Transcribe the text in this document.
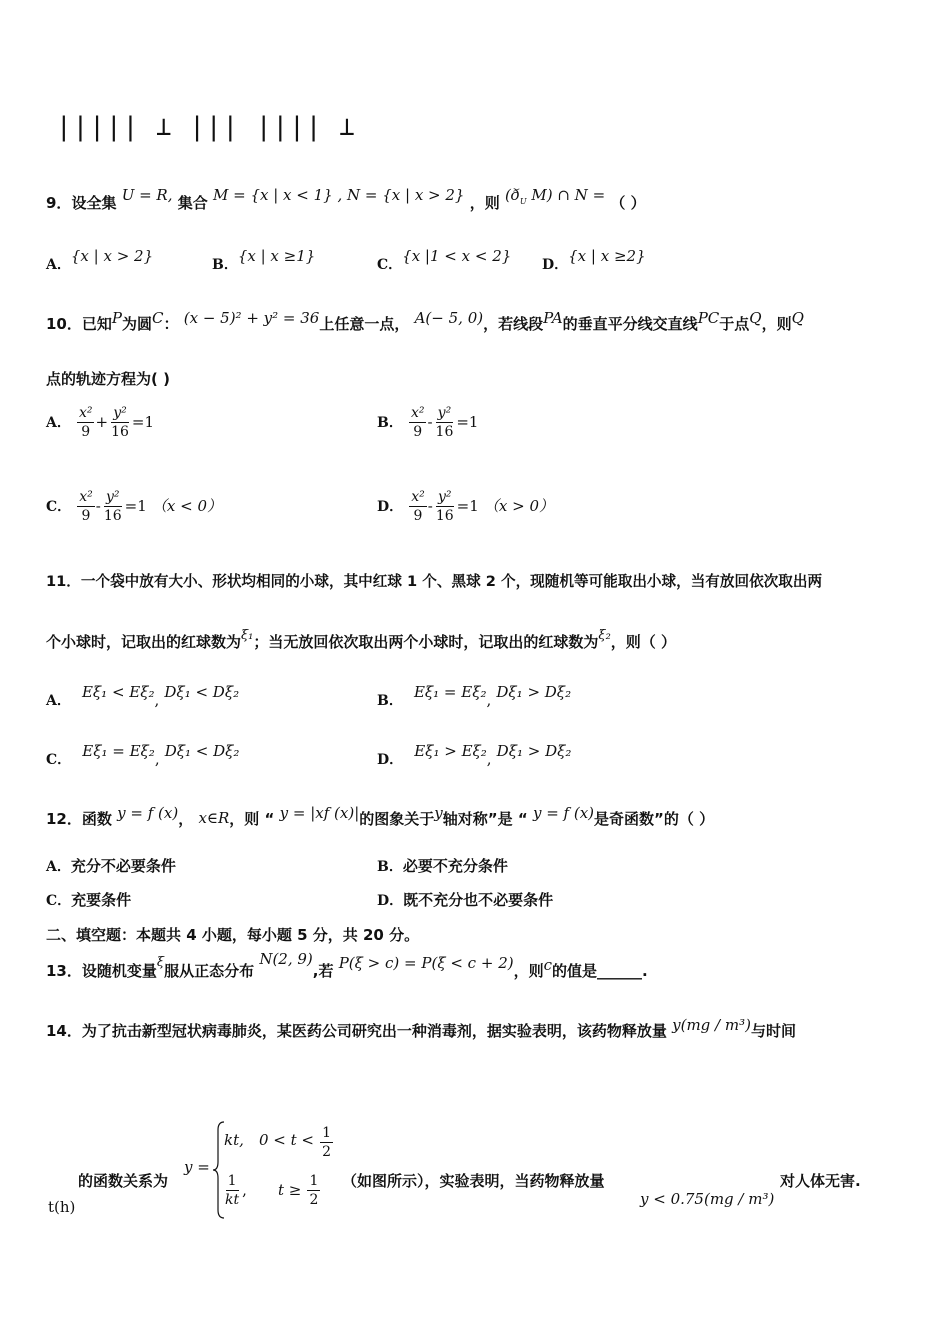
||||| ⊥ ||| |||| ⊥
9．设全集 U = R, 集合 M = {x | x < 1} , N = {x | x > 2} ，则 ($ð_U$ M) ∩ N = （ ）
A．{x | x > 2}	B．{x | x ≥1}	C．{x |1 < x < 2} D．{x | x ≥2}
10．已知P为圆C： (x − 5)² + y² = 36上任意一点， A(− 5, 0)，若线段PA的垂直平分线交直线PC于点Q，则Q
点的轨迹方程为( )
A． $\frac{\text{x²}}{9} + \frac{\text{y²}}{16} =1$	B． $\frac{\text{x²}}{9} - \frac{\text{y²}}{16} =1$
C． $\frac{\text{x²}}{9} - \frac{\text{y²}}{16} =1$ （x < 0）	D． $\frac{\text{x²}}{9} - \frac{\text{y²}}{16} =1$ （x > 0）
11．一个袋中放有大小、形状均相同的小球，其中红球 1 个、黑球 2 个，现随机等可能取出小球，当有放回依次取出两
个小球时，记取出的红球数为ξ₁；当无放回依次取出两个小球时，记取出的红球数为ξ₂，则（ ）
A． Eξ₁ < Eξ₂, Dξ₁ < Dξ₂	B． Eξ₁ = Eξ₂, Dξ₁ > Dξ₂
C． Eξ₁ = Eξ₂, Dξ₁ < Dξ₂	D． Eξ₁ > Eξ₂, Dξ₁ > Dξ₂
12．函数 y = f (x)， x∈R，则 “ y = |xf (x)|的图象关于y轴对称”是 “ y = f (x)是奇函数”的（ ）
A．充分不必要条件	B．必要不充分条件
C．充要条件	D．既不充分也不必要条件
二、填空题：本题共 4 小题，每小题 5 分，共 20 分。
13．设随机变量ξ服从正态分布 N(2, 9),若 P(ξ > c) = P(ξ < c + 2)，则c的值是______.
14．为了抗击新型冠状病毒肺炎，某医药公司研究出一种消毒剂，据实验表明，该药物释放量 y(mg / m³)与时间
的函数关系为
y =
kt, $0 < t < \frac{1}{2}$
$\frac{1}{kt}$ , $t \ge \frac{1}{2}$ （如图所示），实验表明，当药物释放量	对人体无害.
t(h)	y < 0.75(mg / m³)
